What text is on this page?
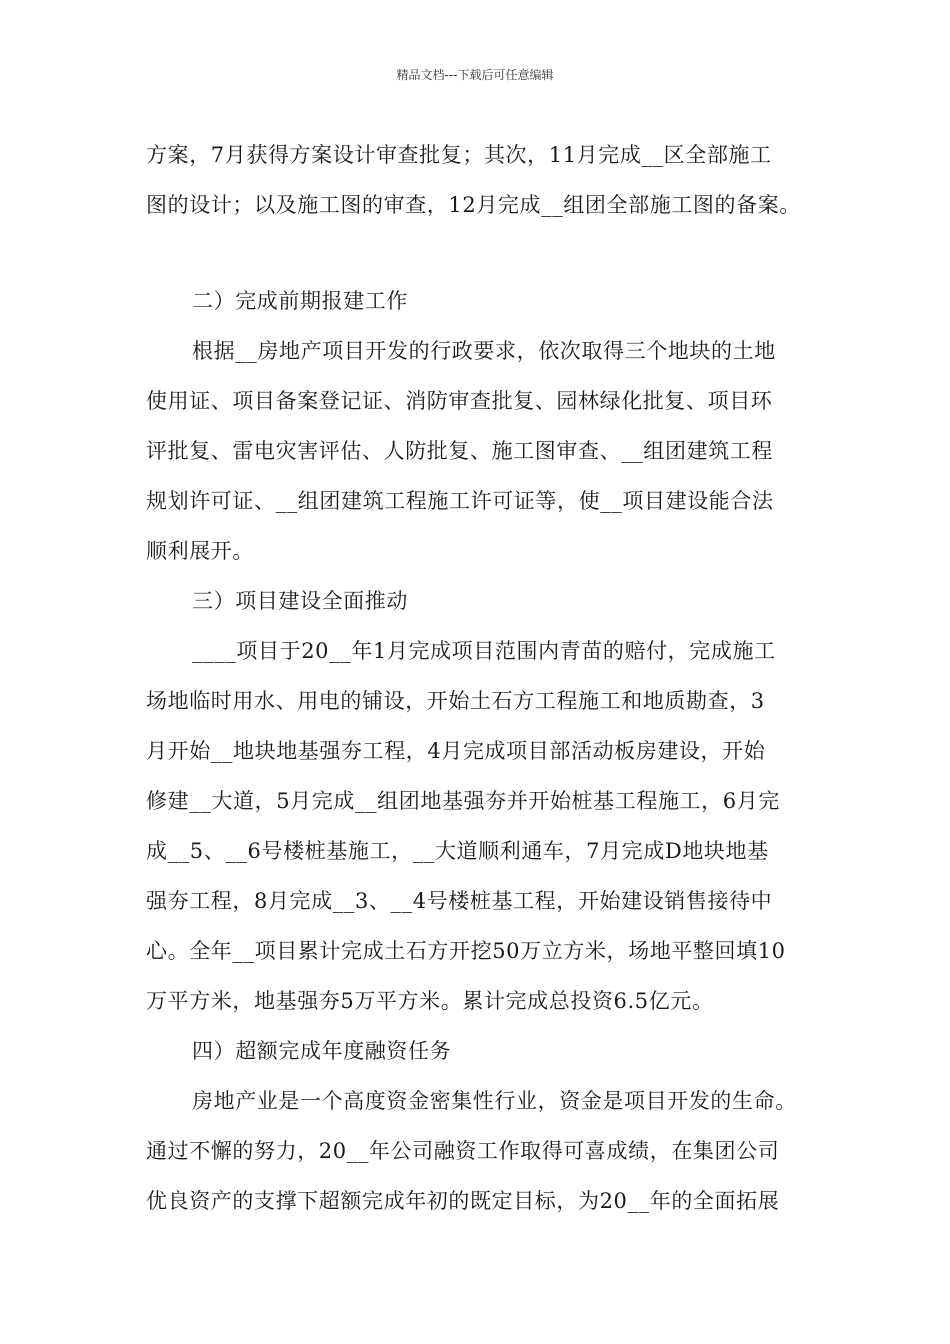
精品文档---下载后可任意编辑
方案，7月获得方案设计审查批复；其次，11月完成__区全部施工
图的设计；以及施工图的审查，12月完成__组团全部施工图的备案。
二）完成前期报建工作
根据__房地产项目开发的行政要求，依次取得三个地块的土地
使用证、项目备案登记证、消防审查批复、园林绿化批复、项目环
评批复、雷电灾害评估、人防批复、施工图审查、__组团建筑工程
规划许可证、__组团建筑工程施工许可证等，使__项目建设能合法
顺利展开。
三）项目建设全面推动
____项目于20__年1月完成项目范围内青苗的赔付，完成施工
场地临时用水、用电的铺设，开始土石方工程施工和地质勘查，3
月开始__地块地基强夯工程，4月完成项目部活动板房建设，开始
修建__大道，5月完成__组团地基强夯并开始桩基工程施工，6月完
成__5、__6号楼桩基施工，__大道顺利通车，7月完成D地块地基
强夯工程，8月完成__3、__4号楼桩基工程，开始建设销售接待中
心。全年__项目累计完成土石方开挖50万立方米，场地平整回填10
万平方米，地基强夯5万平方米。累计完成总投资6.5亿元。
四）超额完成年度融资任务
房地产业是一个高度资金密集性行业，资金是项目开发的生命。
通过不懈的努力，20__年公司融资工作取得可喜成绩，在集团公司
优良资产的支撑下超额完成年初的既定目标，为20__年的全面拓展
